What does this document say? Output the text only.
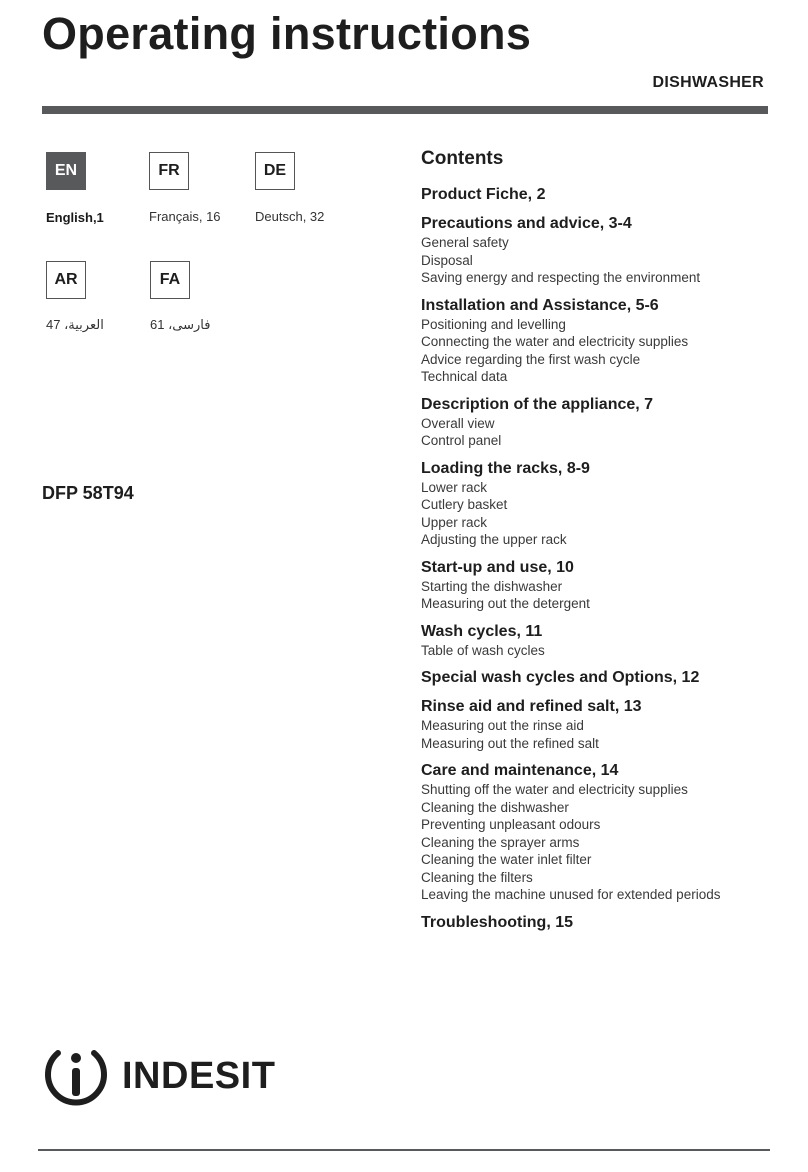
Operating instructions
DISHWASHER
EN
English,1
FR
Français, 16
DE
Deutsch, 32
AR
العربية، 47
FA
فارسی، 61
DFP 58T94
Contents
Product Fiche, 2
Precautions and advice, 3-4
General safety
Disposal
Saving energy and respecting the environment
Installation and Assistance, 5-6
Positioning and levelling
Connecting the water and electricity supplies
Advice regarding the first wash cycle
Technical data
Description of the appliance, 7
Overall view
Control panel
Loading the racks, 8-9
Lower rack
Cutlery basket
Upper rack
Adjusting the upper rack
Start-up and use, 10
Starting the dishwasher
Measuring out the detergent
Wash cycles, 11
Table of wash cycles
Special wash cycles and Options, 12
Rinse aid and refined salt, 13
Measuring out the rinse aid
Measuring out the refined salt
Care and maintenance, 14
Shutting off the water and electricity supplies
Cleaning the dishwasher
Preventing unpleasant odours
Cleaning the sprayer arms
Cleaning the water inlet filter
Cleaning the filters
Leaving the machine unused for extended periods
Troubleshooting, 15
INDESIT
